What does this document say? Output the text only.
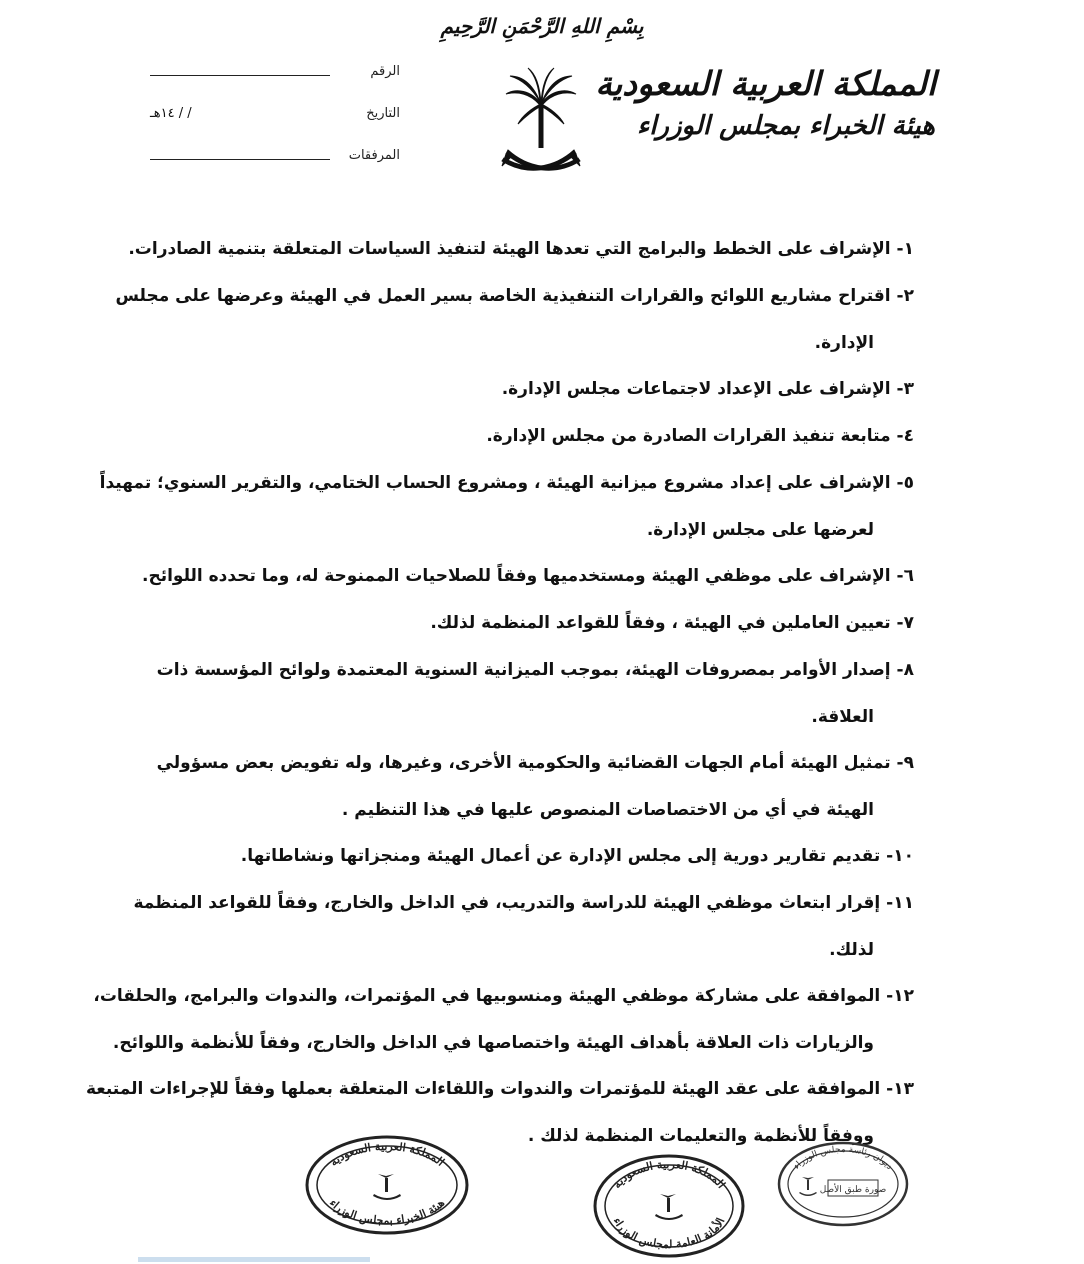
بِسْمِ اللهِ الرَّحْمَنِ الرَّحِيمِ
المملكة العربية السعودية
هيئة الخبراء بمجلس الوزراء
الرقم
التاريخ
/ / ١٤هـ
المرفقات
١- الإشراف على الخطط والبرامج التي تعدها الهيئة لتنفيذ السياسات المتعلقة بتنمية الصادرات.
٢- اقتراح مشاريع اللوائح والقرارات التنفيذية الخاصة بسير العمل في الهيئة وعرضها على مجلس
الإدارة.
٣- الإشراف على الإعداد لاجتماعات مجلس الإدارة.
٤- متابعة تنفيذ القرارات الصادرة من مجلس الإدارة.
٥- الإشراف على إعداد مشروع ميزانية الهيئة ، ومشروع الحساب الختامي، والتقرير السنوي؛ تمهيداً
لعرضها على مجلس الإدارة.
٦- الإشراف على موظفي الهيئة ومستخدميها وفقاً للصلاحيات الممنوحة له، وما تحدده اللوائح.
٧- تعيين العاملين في الهيئة ، وفقاً للقواعد المنظمة لذلك.
٨- إصدار الأوامر بمصروفات الهيئة، بموجب الميزانية السنوية المعتمدة ولوائح المؤسسة ذات
العلاقة.
٩- تمثيل الهيئة أمام الجهات القضائية والحكومية الأخرى، وغيرها، وله تفويض بعض مسؤولي
الهيئة في أي من الاختصاصات المنصوص عليها في هذا التنظيم .
١٠- تقديم تقارير دورية إلى مجلس الإدارة عن أعمال الهيئة ومنجزاتها ونشاطاتها.
١١- إقرار ابتعاث موظفي الهيئة للدراسة والتدريب، في الداخل والخارج، وفقاً للقواعد المنظمة
لذلك.
١٢- الموافقة على مشاركة موظفي الهيئة ومنسوبيها في المؤتمرات، والندوات والبرامج، والحلقات،
والزيارات ذات العلاقة بأهداف الهيئة واختصاصها في الداخل والخارج، وفقاً للأنظمة واللوائح.
١٣- الموافقة على عقد الهيئة للمؤتمرات والندوات واللقاءات المتعلقة بعملها وفقاً للإجراءات المتبعة
ووفقاً للأنظمة والتعليمات المنظمة لذلك .
المملكة العربية السعودية
هيئة الخبراء بمجلس الوزراء
المملكة العربية السعودية
الأمانة العامة لمجلس الوزراء
ديوان رئاسة مجلس الوزراء
صورة طبق الأصل
